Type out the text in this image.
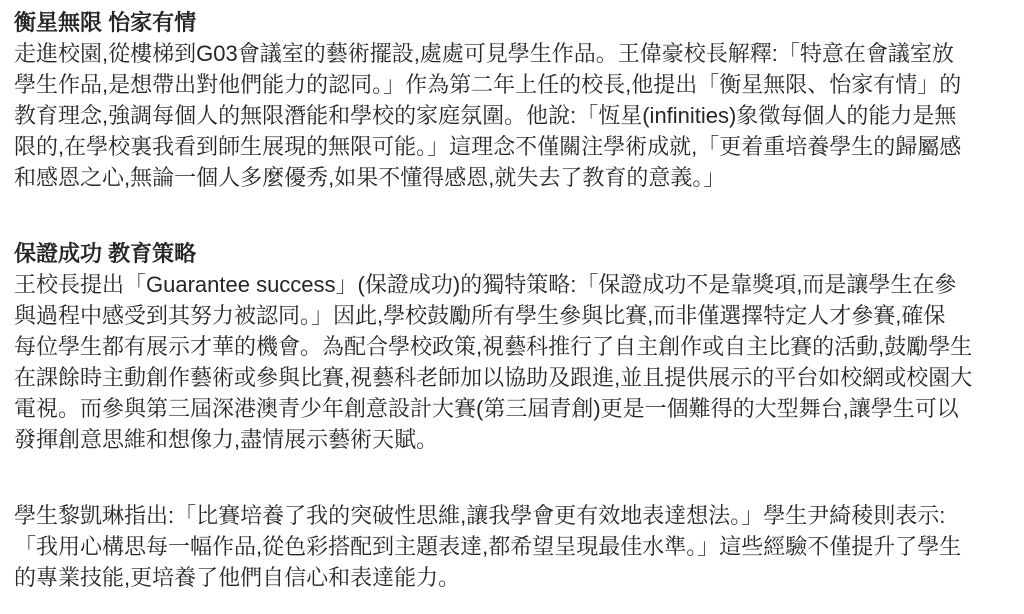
衡星無限 怡家有情
走進校園,從樓梯到G03會議室的藝術擺設,處處可見學生作品。王偉豪校長解釋:「特意在會議室放
學生作品,是想帶出對他們能力的認同。」作為第二年上任的校長,他提出「衡星無限、怡家有情」的
教育理念,強調每個人的無限潛能和學校的家庭氛圍。他說:「恆星(infinities)象徵每個人的能力是無
限的,在學校裏我看到師生展現的無限可能。」這理念不僅關注學術成就,「更着重培養學生的歸屬感
和感恩之心,無論一個人多麼優秀,如果不懂得感恩,就失去了教育的意義。」
保證成功 教育策略
王校長提出「Guarantee success」(保證成功)的獨特策略:「保證成功不是靠獎項,而是讓學生在參
與過程中感受到其努力被認同。」因此,學校鼓勵所有學生參與比賽,而非僅選擇特定人才參賽,確保
每位學生都有展示才華的機會。為配合學校政策,視藝科推行了自主創作或自主比賽的活動,鼓勵學生
在課餘時主動創作藝術或參與比賽,視藝科老師加以協助及跟進,並且提供展示的平台如校網或校園大
電視。而參與第三屆深港澳青少年創意設計大賽(第三屆青創)更是一個難得的大型舞台,讓學生可以
發揮創意思維和想像力,盡情展示藝術天賦。
學生黎凱琳指出:「比賽培養了我的突破性思維,讓我學會更有效地表達想法。」學生尹綺稜則表示:
「我用心構思每一幅作品,從色彩搭配到主題表達,都希望呈現最佳水準。」這些經驗不僅提升了學生
的專業技能,更培養了他們自信心和表達能力。
